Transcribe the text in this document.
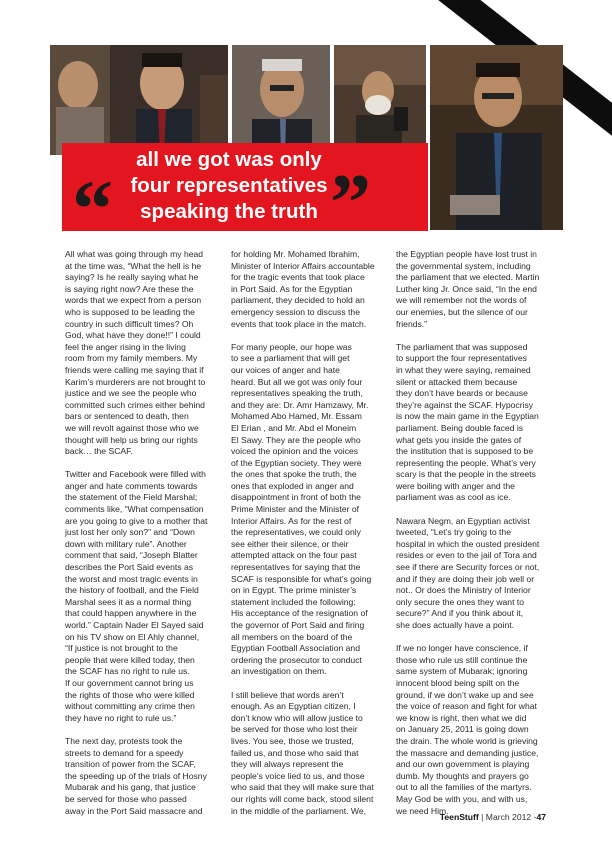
“	”
all we got was only
four representatives
speaking the truth

All what was going through my head
at the time was, “What the hell is he
saying? Is he really saying what he
is saying right now? Are these the
words that we expect from a person
who is supposed to be leading the
country in such difficult times? Oh
God, what have they done!!” I could
feel the anger rising in the living
room from my family members. My
friends were calling me saying that if
Karim’s murderers are not brought to
justice and we see the people who
committed such crimes either behind
bars or sentenced to death, then
we will revolt against those who we
thought will help us bring our rights
back… the SCAF.

Twitter and Facebook were filled with
anger and hate comments towards
the statement of the Field Marshal;
comments like, “What compensation
are you going to give to a mother that
just lost her only son?” and “Down
down with military rule”. Another
comment that said, “Joseph Blatter
describes the Port Said events as
the worst and most tragic events in
the history of football, and the Field
Marshal sees it as a normal thing
that could happen anywhere in the
world.” Captain Nader El Sayed said
on his TV show on El Ahly channel,
“If justice is not brought to the
people that were killed today, then
the SCAF has no right to rule us.
If our government cannot bring us
the rights of those who were killed
without committing any crime then
they have no right to rule us.”

The next day, protests took the
streets to demand for a speedy
transition of power from the SCAF,
the speeding up of the trials of Hosny
Mubarak and his gang, that justice
be served for those who passed
away in the Port Said massacre and

for holding Mr. Mohamed Ibrahim,
Minister of Interior Affairs accountable
for the tragic events that took place
in Port Said. As for the Egyptian
parliament, they decided to hold an
emergency session to discuss the
events that took place in the match.

For many people, our hope was
to see a parliament that will get
our voices of anger and hate
heard. But all we got was only four
representatives speaking the truth,
and they are: Dr. Amr Hamzawy, Mr.
Mohamed Abo Hamed, Mr. Essam
El Erian , and Mr. Abd el Moneim
El Sawy. They are the people who
voiced the opinion and the voices
of the Egyptian society. They were
the ones that spoke the truth, the
ones that exploded in anger and
disappointment in front of both the
Prime Minister and the Minister of
Interior Affairs. As for the rest of
the representatives, we could only
see either their silence, or their
attempted attack on the four past
representatives for saying that the
SCAF is responsible for what’s going
on in Egypt. The prime minister’s
statement included the following:
His acceptance of the resignation of
the governor of Port Said and firing
all members on the board of the
Egyptian Football Association and
ordering the prosecutor to conduct
an investigation on them.

I still believe that words aren’t
enough. As an Egyptian citizen, I
don’t know who will allow justice to
be served for those who lost their
lives. You see, those we trusted,
failed us, and those who said that
they will always represent the
people’s voice lied to us, and those
who said that they will make sure that
our rights will come back, stood silent
in the middle of the parliament. We,

the Egyptian people have lost trust in
the governmental system, including
the parliament that we elected. Martin
Luther king Jr. Once said, “In the end
we will remember not the words of
our enemies, but the silence of our
friends.”

The parliament that was supposed
to support the four representatives
in what they were saying, remained
silent or attacked them because
they don’t have beards or because
they’re against the SCAF. Hypocrisy
is now the main game in the Egyptian
parliament. Being double faced is
what gets you inside the gates of
the institution that is supposed to be
representing the people. What’s very
scary is that the people in the streets
were boiling with anger and the
parliament was as cool as ice.

Nawara Negm, an Egyptian activist
tweeted, “Let’s try going to the
hospital in which the ousted president
resides or even to the jail of Tora and
see if there are Security forces or not,
and if they are doing their job well or
not.. Or does the Ministry of Interior
only secure the ones they want to
secure?” And if you think about it,
she does actually have a point.

If we no longer have conscience, if
those who rule us still continue the
same system of Mubarak; ignoring
innocent blood being spilt on the
ground, if we don’t wake up and see
the voice of reason and fight for what
we know is right, then what we did
on January 25, 2011 is going down
the drain. The whole world is grieving
the massacre and demanding justice,
and our own government is playing
dumb. My thoughts and prayers go
out to all the families of the martyrs.
May God be with you, and with us,
we need Him.

TeenStuff | March 2012 -47
